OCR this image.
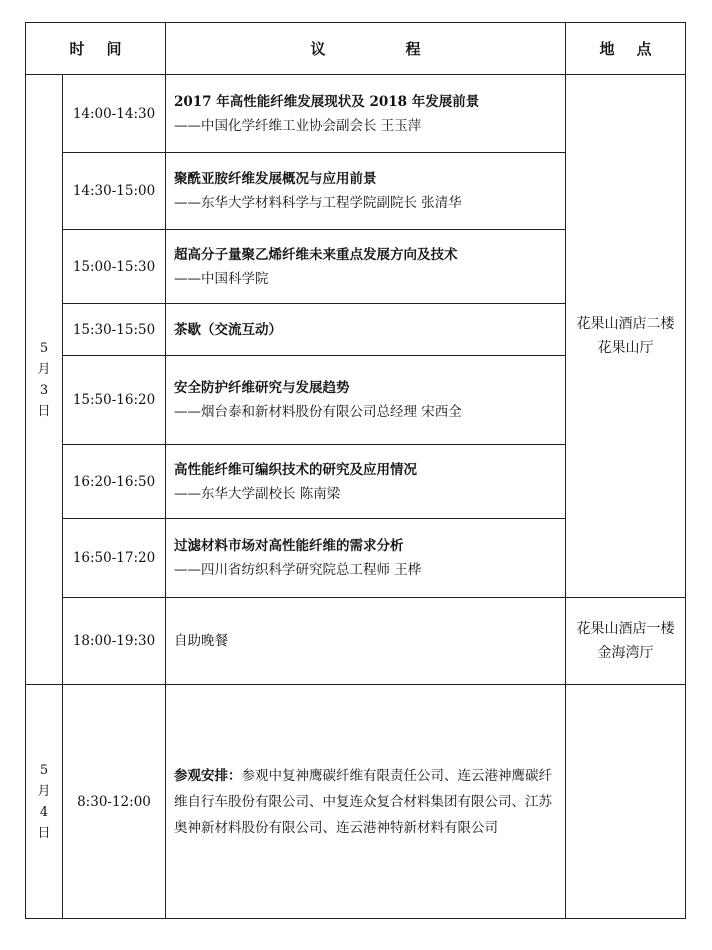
时 间		议 程	地 点

5
月
3
日	14:00-14:30	2017 年高性能纤维发展现状及 2018 年发展前景
——中国化学纤维工业协会副会长 王玉萍	花果山酒店二楼花果山厅
	14:30-15:00	聚酰亚胺纤维发展概况与应用前景
——东华大学材料科学与工程学院副院长 张清华	

	15:00-15:30	超高分子量聚乙烯纤维未来重点发展方向及技术
——中国科学院	

	15:30-15:50	茶歇（交流互动）	

	15:50-16:20	安全防护纤维研究与发展趋势
——烟台泰和新材料股份有限公司总经理 宋西全	

	16:20-16:50	高性能纤维可编织技术的研究及应用情况
——东华大学副校长 陈南梁	

	16:50-17:20	过滤材料市场对高性能纤维的需求分析
——四川省纺织科学研究院总工程师 王桦	

	18:00-19:30	自助晚餐	花果山酒店一楼金海湾厅

5
月
4
日	8:30-12:00	参观安排：参观中复神鹰碳纤维有限责任公司、连云港神鹰碳纤维自行车股份有限公司、中复连众复合材料集团有限公司、江苏奥神新材料股份有限公司、连云港神特新材料有限公司	
